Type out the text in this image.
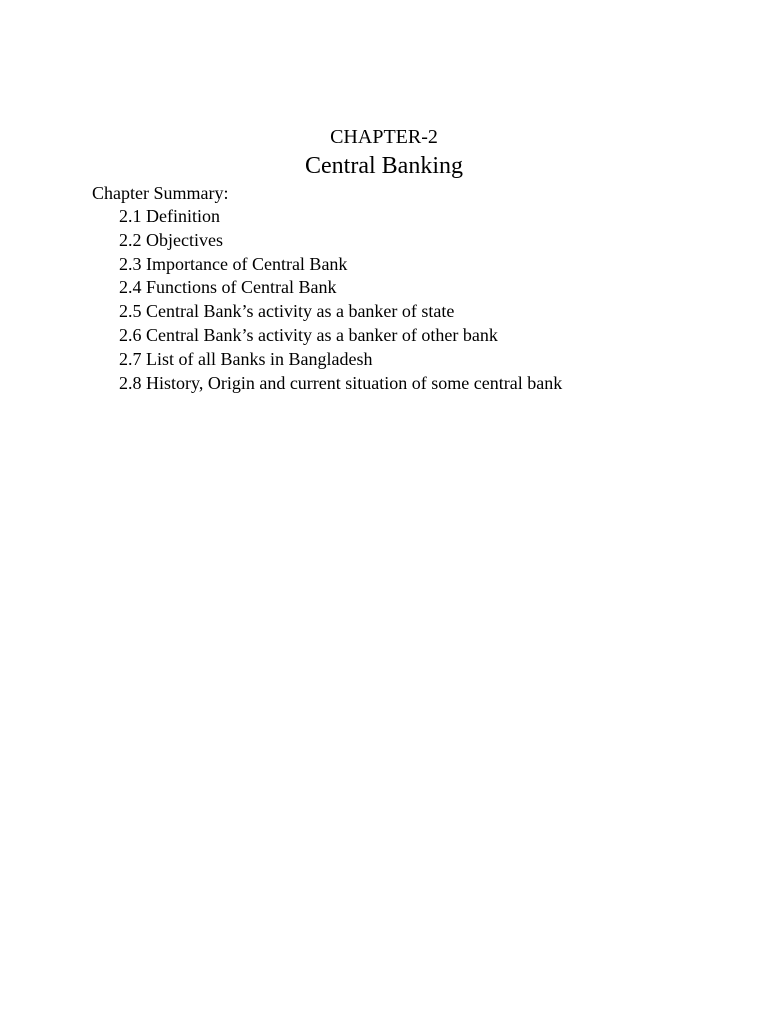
CHAPTER-2
Central Banking
Chapter Summary:
2.1 Definition
2.2 Objectives
2.3 Importance of Central Bank
2.4 Functions of Central Bank
2.5 Central Bank’s activity as a banker of state
2.6 Central Bank’s activity as a banker of other bank
2.7 List of all Banks in Bangladesh
2.8 History, Origin and current situation of some central bank
